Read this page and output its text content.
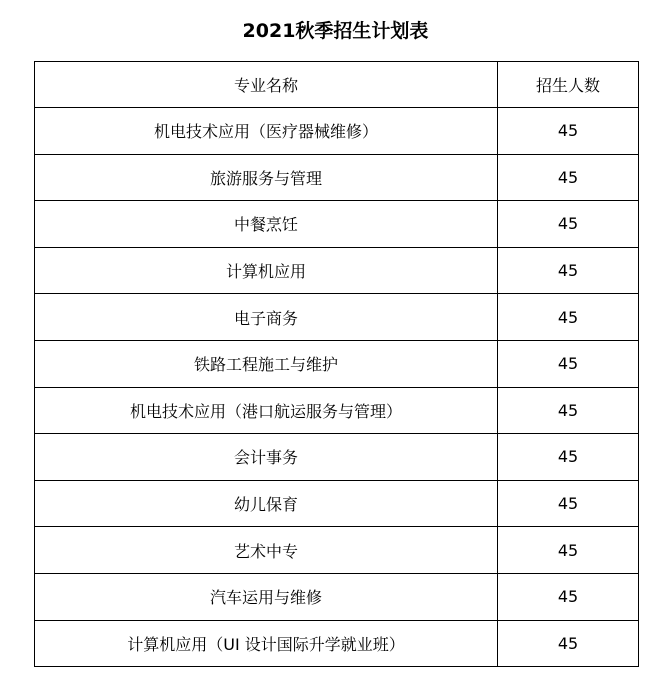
2021秋季招生计划表
专业名称	招生人数
机电技术应用（医疗器械维修）	45
旅游服务与管理	45
中餐烹饪	45
计算机应用	45
电子商务	45
铁路工程施工与维护	45
机电技术应用（港口航运服务与管理）	45
会计事务	45
幼儿保育	45
艺术中专	45
汽车运用与维修	45
计算机应用（UI 设计国际升学就业班）	45
